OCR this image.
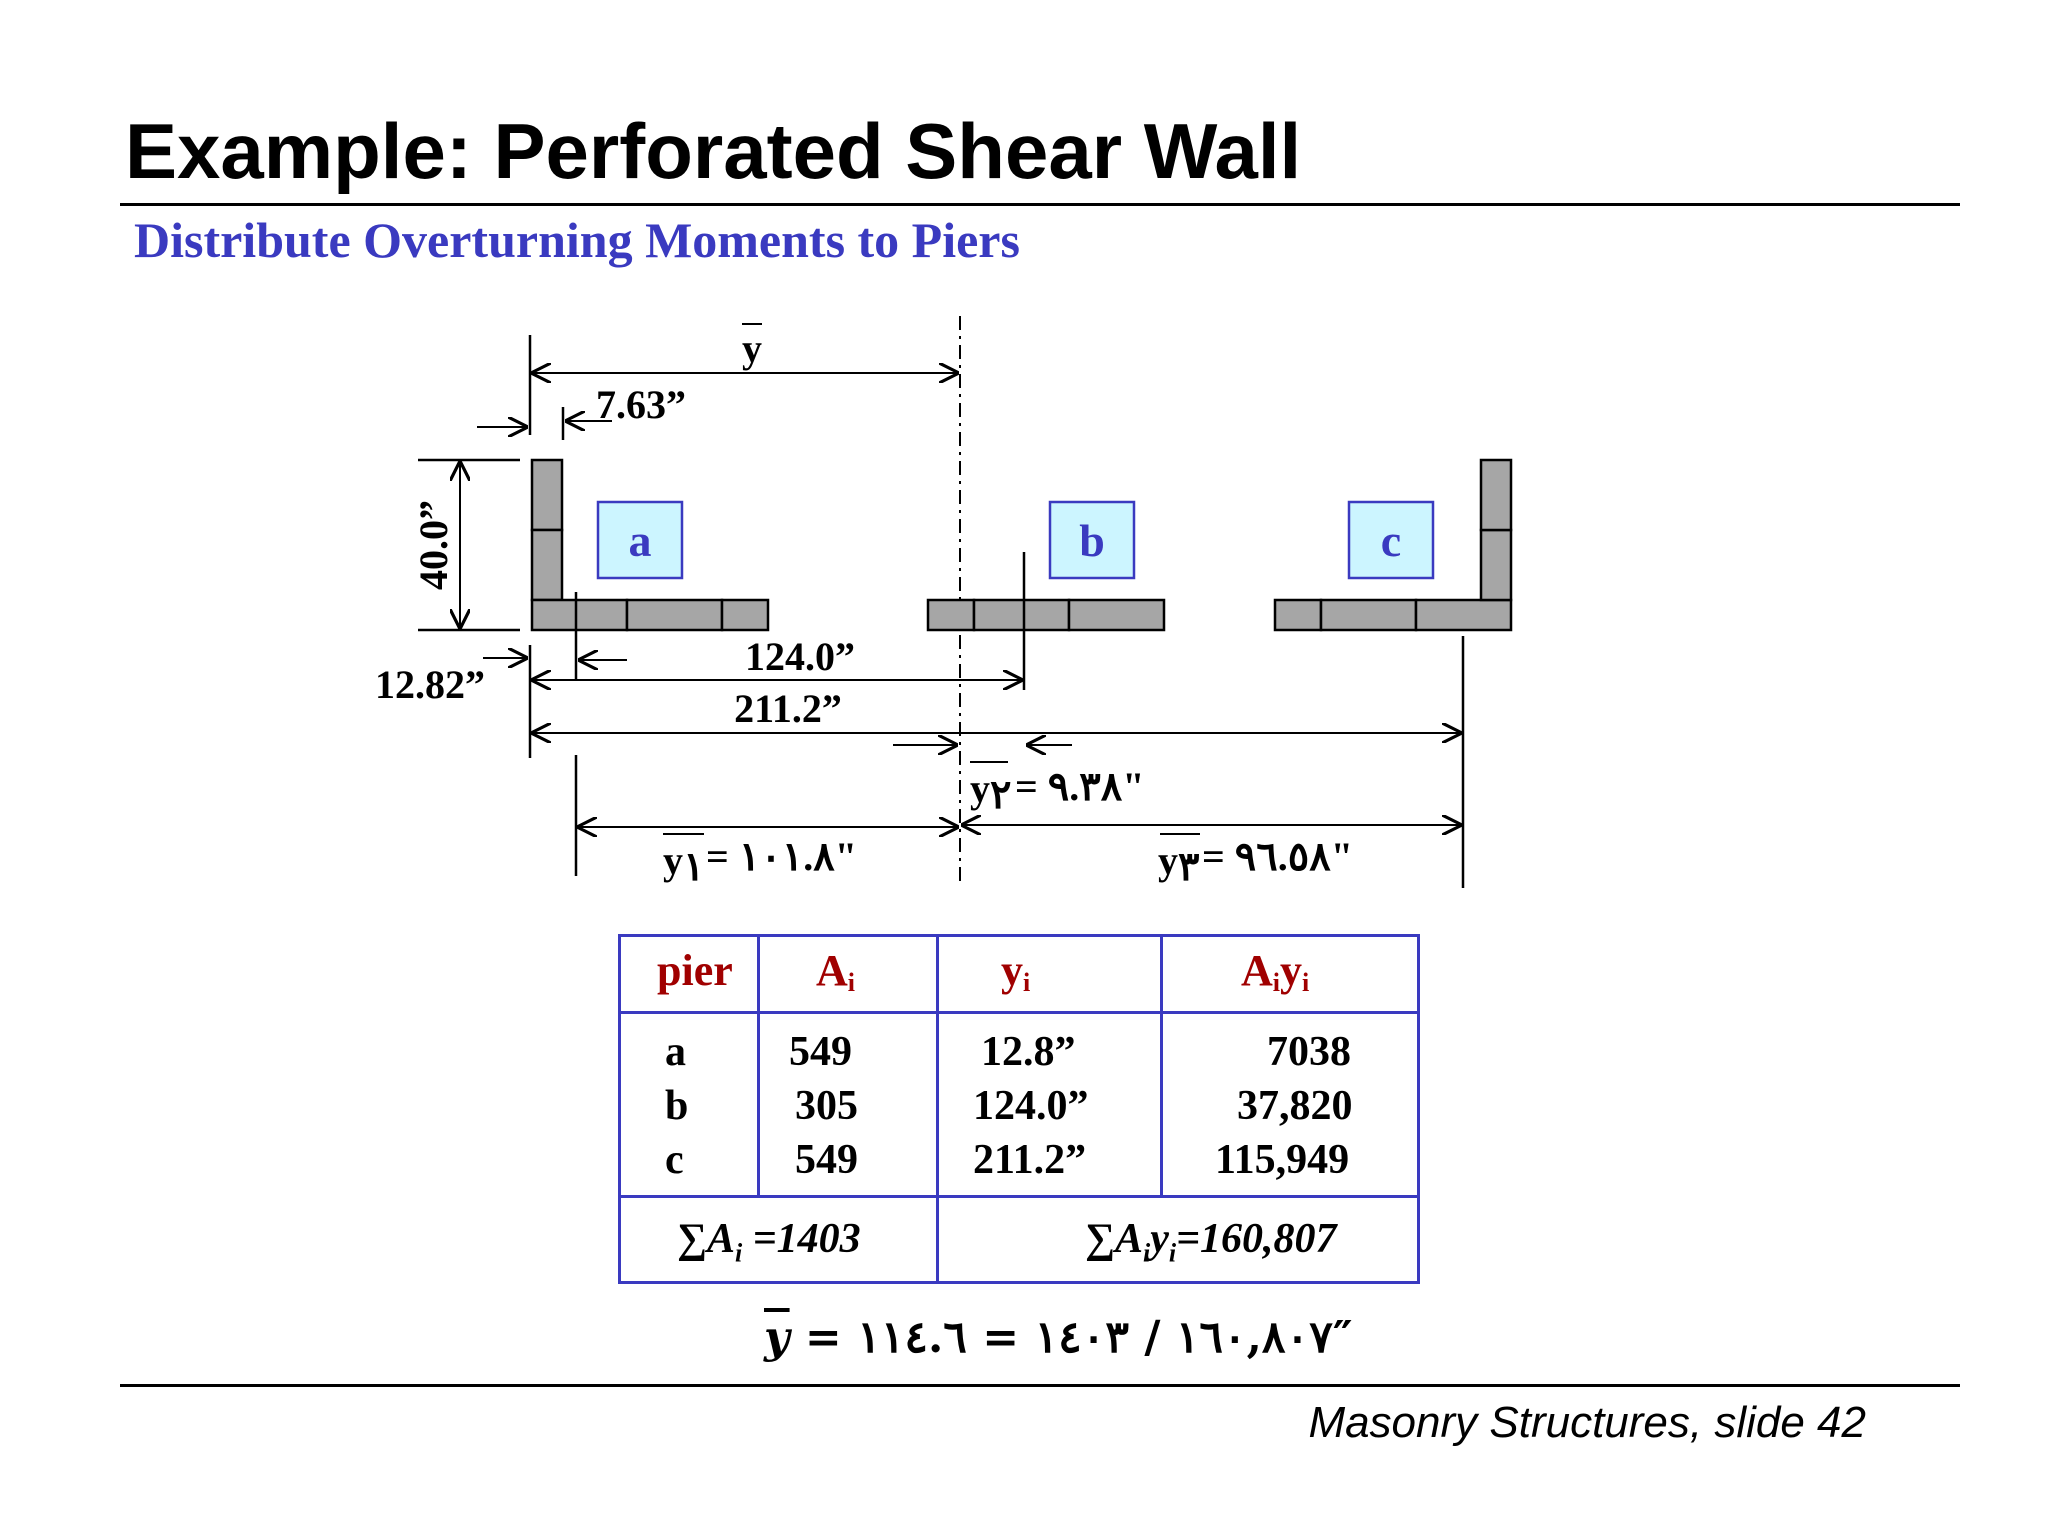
Example: Perforated Shear Wall
Distribute Overturning Moments to Piers
y
7.63”
40.0”	a	b	c
12.82”
124.0”
211.2”
y ٢ = ٩.٣٨"
y ١ = ١٠١.٨"	y ٣ = ٩٦.٥٨"
pier $A_i$	$y_i$	$A_iy_i$
a 549	12.8”	7038
b	305	124.0”	37,820
c	549	211.2”	115,949
$\sum A_i =1403$	$\sum A_iy_i=160,807$
$\overline{y}$ = ١٦٠,٨٠٧ / ١٤٠٣ = ١١٤.٦″
Masonry Structures, slide 42
